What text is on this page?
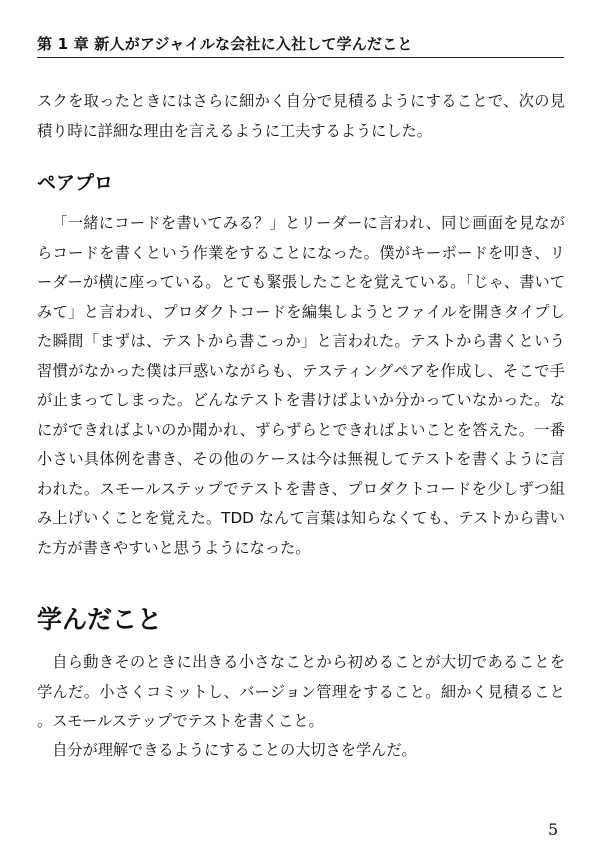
第 1 章 新人がアジャイルな会社に入社して学んだこと

スクを取ったときにはさらに細かく自分で見積るようにすることで、次の見積り時に詳細な理由を言えるように工夫するようにした。

ペアプロ

「一緒にコードを書いてみる？」とリーダーに言われ、同じ画面を見ながらコードを書くという作業をすることになった。僕がキーボードを叩き、リーダーが横に座っている。とても緊張したことを覚えている。「じゃ、書いてみて」と言われ、プロダクトコードを編集しようとファイルを開きタイプした瞬間「まずは、テストから書こっか」と言われた。テストから書くという習慣がなかった僕は戸惑いながらも、テスティングペアを作成し、そこで手が止まってしまった。どんなテストを書けばよいか分かっていなかった。なにができればよいのか聞かれ、ずらずらとできればよいことを答えた。一番小さい具体例を書き、その他のケースは今は無視してテストを書くように言われた。スモールステップでテストを書き、プロダクトコードを少しずつ組み上げいくことを覚えた。TDD なんて言葉は知らなくても、テストから書いた方が書きやすいと思うようになった。

学んだこと

自ら動きそのときに出きる小さなことから初めることが大切であることを学んだ。小さくコミットし、バージョン管理をすること。細かく見積ること。スモールステップでテストを書くこと。

自分が理解できるようにすることの大切さを学んだ。

5
